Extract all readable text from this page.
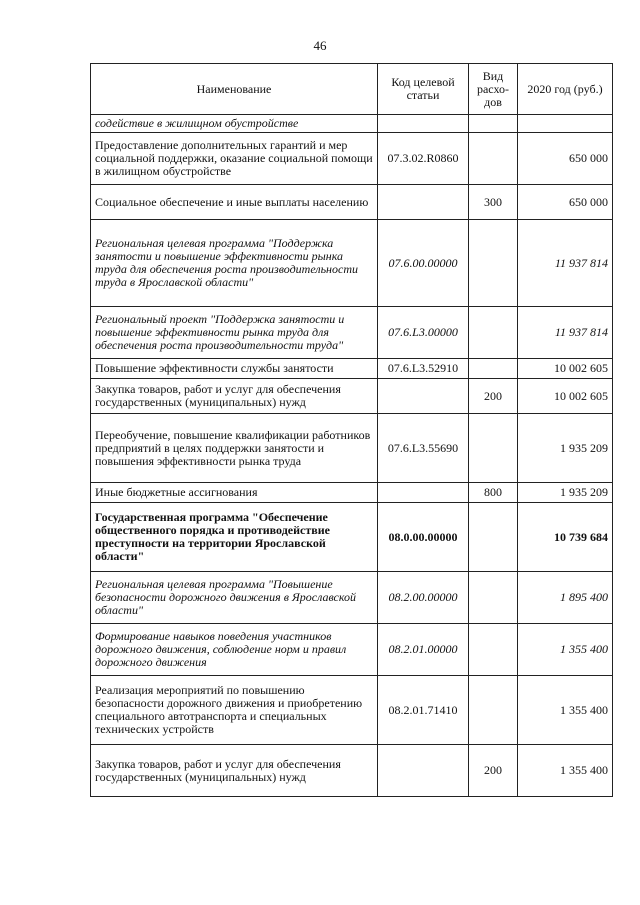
46
Наименование	Код целевой статьи	Вид расхо-дов	2020 год (руб.)
содействие в жилищном обустройстве			
Предоставление дополнительных гарантий и мер социальной поддержки, оказание социальной помощи в жилищном обустройстве	07.3.02.R0860		650 000
Социальное обеспечение и иные выплаты населению		300	650 000
Региональная целевая программа "Поддержка занятости и повышение эффективности рынка труда для обеспечения роста производительности труда в Ярославской области"	07.6.00.00000		11 937 814
Региональный проект "Поддержка занятости и повышение эффективности рынка труда для обеспечения роста производительности труда"	07.6.L3.00000		11 937 814
Повышение эффективности службы занятости	07.6.L3.52910		10 002 605
Закупка товаров, работ и услуг для обеспечения государственных (муниципальных) нужд		200	10 002 605
Переобучение, повышение квалификации работников предприятий в целях поддержки занятости и повышения эффективности рынка труда	07.6.L3.55690		1 935 209
Иные бюджетные ассигнования		800	1 935 209
Государственная программа "Обеспечение общественного порядка и противодействие преступности на территории Ярославской области"	08.0.00.00000		10 739 684
Региональная целевая программа "Повышение безопасности дорожного движения в Ярославской области"	08.2.00.00000		1 895 400
Формирование навыков поведения участников дорожного движения, соблюдение норм и правил дорожного движения	08.2.01.00000		1 355 400
Реализация мероприятий по повышению безопасности дорожного движения и приобретению специального автотранспорта и специальных технических устройств	08.2.01.71410		1 355 400
Закупка товаров, работ и услуг для обеспечения государственных (муниципальных) нужд		200	1 355 400
